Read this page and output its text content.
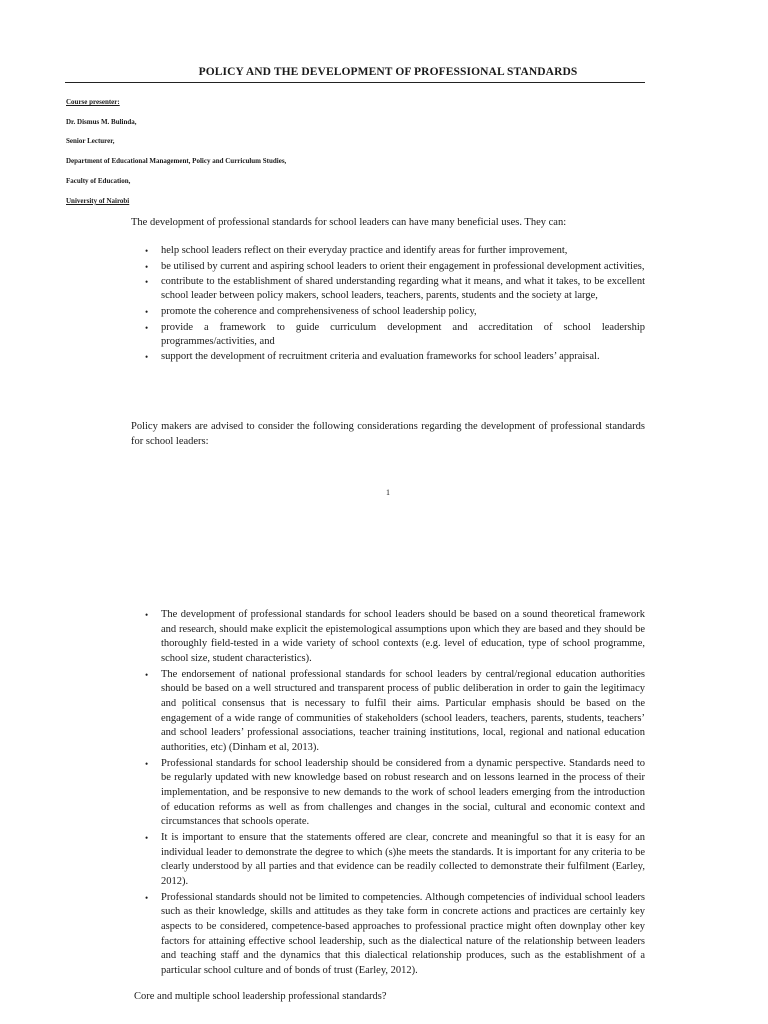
POLICY AND THE DEVELOPMENT OF PROFESSIONAL STANDARDS
Course presenter:
Dr. Dismus M. Bulinda,
Senior Lecturer,
Department of Educational Management, Policy and Curriculum Studies,
Faculty of Education,
University of Nairobi

The development of professional standards for school leaders can have many beneficial uses. They can:

• help school leaders reflect on their everyday practice and identify areas for further improvement,
• be utilised by current and aspiring school leaders to orient their engagement in professional development activities,
• contribute to the establishment of shared understanding regarding what it means, and what it takes, to be excellent school leader between policy makers, school leaders, teachers, parents, students and the society at large,
• promote the coherence and comprehensiveness of school leadership policy,
• provide a framework to guide curriculum development and accreditation of school leadership programmes/activities, and
• support the development of recruitment criteria and evaluation frameworks for school leaders’ appraisal.

Policy makers are advised to consider the following considerations regarding the development of professional standards for school leaders:

1
• The development of professional standards for school leaders should be based on a sound theoretical framework and research, should make explicit the epistemological assumptions upon which they are based and they should be thoroughly field-tested in a wide variety of school contexts (e.g. level of education, type of school programme, school size, student characteristics).
• The endorsement of national professional standards for school leaders by central/regional education authorities should be based on a well structured and transparent process of public deliberation in order to gain the legitimacy and political consensus that is necessary to fulfil their aims. Particular emphasis should be based on the engagement of a wide range of communities of stakeholders (school leaders, teachers, parents, students, teachers’ and school leaders’ professional associations, teacher training institutions, local, regional and national education authorities, etc) (Dinham et al, 2013).
• Professional standards for school leadership should be considered from a dynamic perspective. Standards need to be regularly updated with new knowledge based on robust research and on lessons learned in the process of their implementation, and be responsive to new demands to the work of school leaders emerging from the introduction of education reforms as well as from challenges and changes in the social, cultural and economic context and circumstances that schools operate.
• It is important to ensure that the statements offered are clear, concrete and meaningful so that it is easy for an individual leader to demonstrate the degree to which (s)he meets the standards. It is important for any criteria to be clearly understood by all parties and that evidence can be readily collected to demonstrate their fulfilment (Earley, 2012).
• Professional standards should not be limited to competencies. Although competencies of individual school leaders such as their knowledge, skills and attitudes as they take form in concrete actions and practices are certainly key aspects to be considered, competence-based approaches to professional practice might often downplay other key factors for attaining effective school leadership, such as the dialectical nature of the relationship between leaders and teaching staff and the dynamics that this dialectical relationship produces, such as the establishment of a particular school culture and of bonds of trust (Earley, 2012).
Core and multiple school leadership professional standards?
